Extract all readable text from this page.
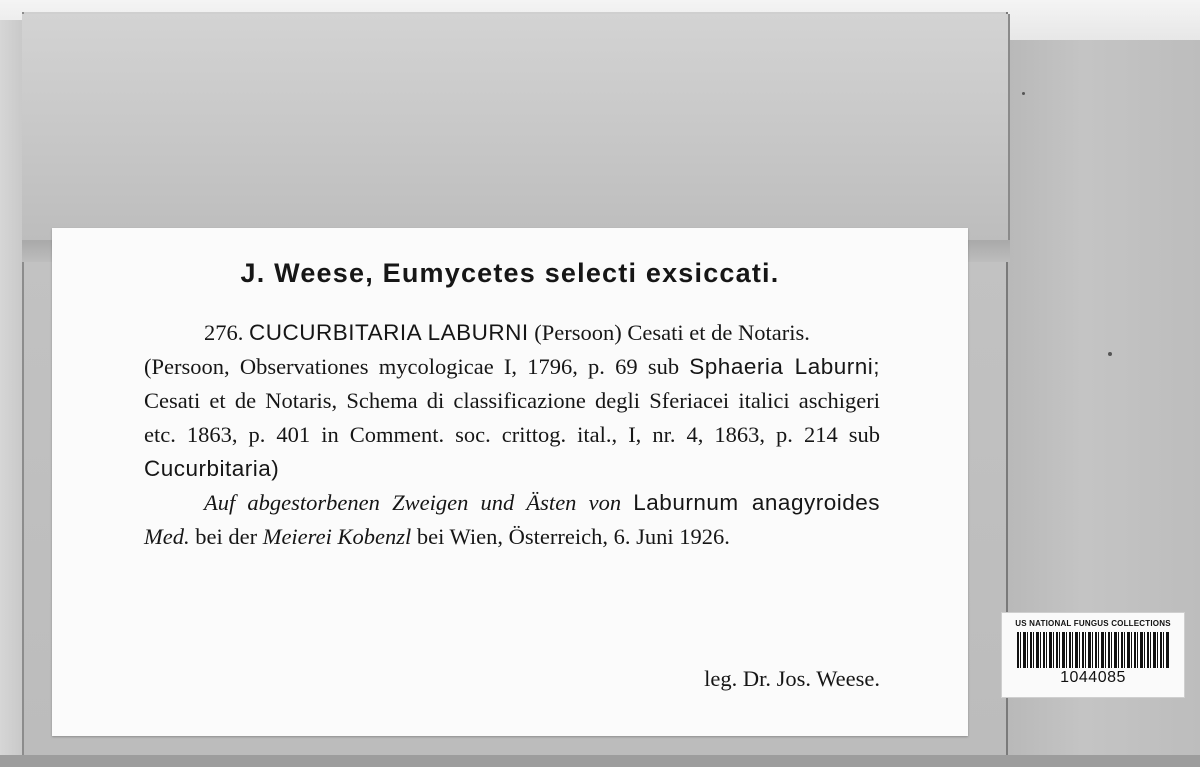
J. Weese, Eumycetes selecti exsiccati.

276. CUCURBITARIA LABURNI (Persoon) Cesati et de Notaris.

(Persoon, Observationes mycologicae I, 1796, p. 69 sub Sphaeria Laburni; Cesati et de Notaris, Schema di classificazione degli Sferiacei italici aschigeri etc. 1863, p. 401 in Comment. soc. crittog. ital., I, nr. 4, 1863, p. 214 sub Cucurbitaria)

Auf abgestorbenen Zweigen und Ästen von Laburnum anagyroides Med. bei der Meierei Kobenzl bei Wien, Österreich, 6. Juni 1926.

leg. Dr. Jos. Weese.
US NATIONAL FUNGUS COLLECTIONS
1044085
